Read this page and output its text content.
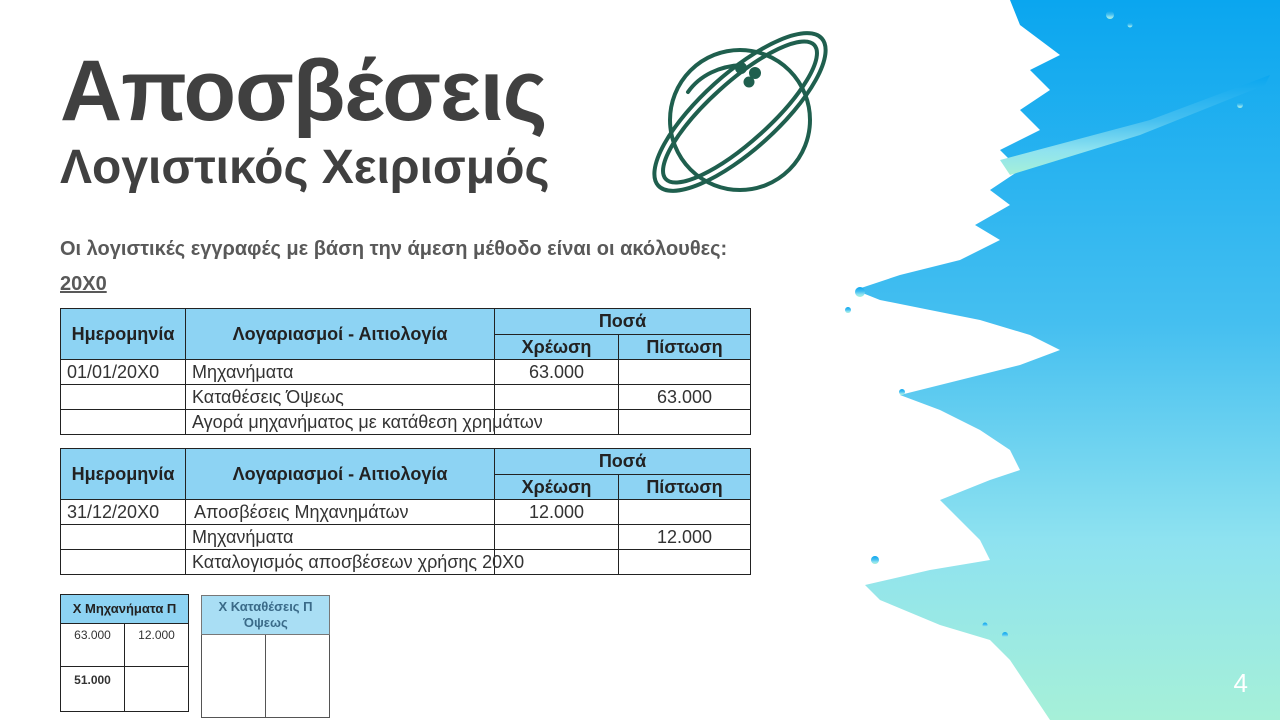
Αποσβέσεις
Λογιστικός Χειρισμός
Οι λογιστικές εγγραφές με βάση την άμεση μέθοδο είναι οι ακόλουθες:
20Χ0
Ημερομηνία	Λογαριασμοί - Αιτιολογία	Ποσά	
		Χρέωση	Πίστωση
01/01/20Χ0	Μηχανήματα	63.000	
	Καταθέσεις Όψεως		63.000
	Αγορά μηχανήματος με κατάθεση χρημάτων		
Ημερομηνία	Λογαριασμοί - Αιτιολογία	Ποσά	
		Χρέωση	Πίστωση
31/12/20Χ0	Αποσβέσεις Μηχανημάτων	12.000	
	Μηχανήματα		12.000
	Καταλογισμός αποσβέσεων χρήσης 20Χ0		
Χ Μηχανήματα Π	
63.000	12.000
51.000	
Χ Καταθέσεις Π
Όψεως

4
